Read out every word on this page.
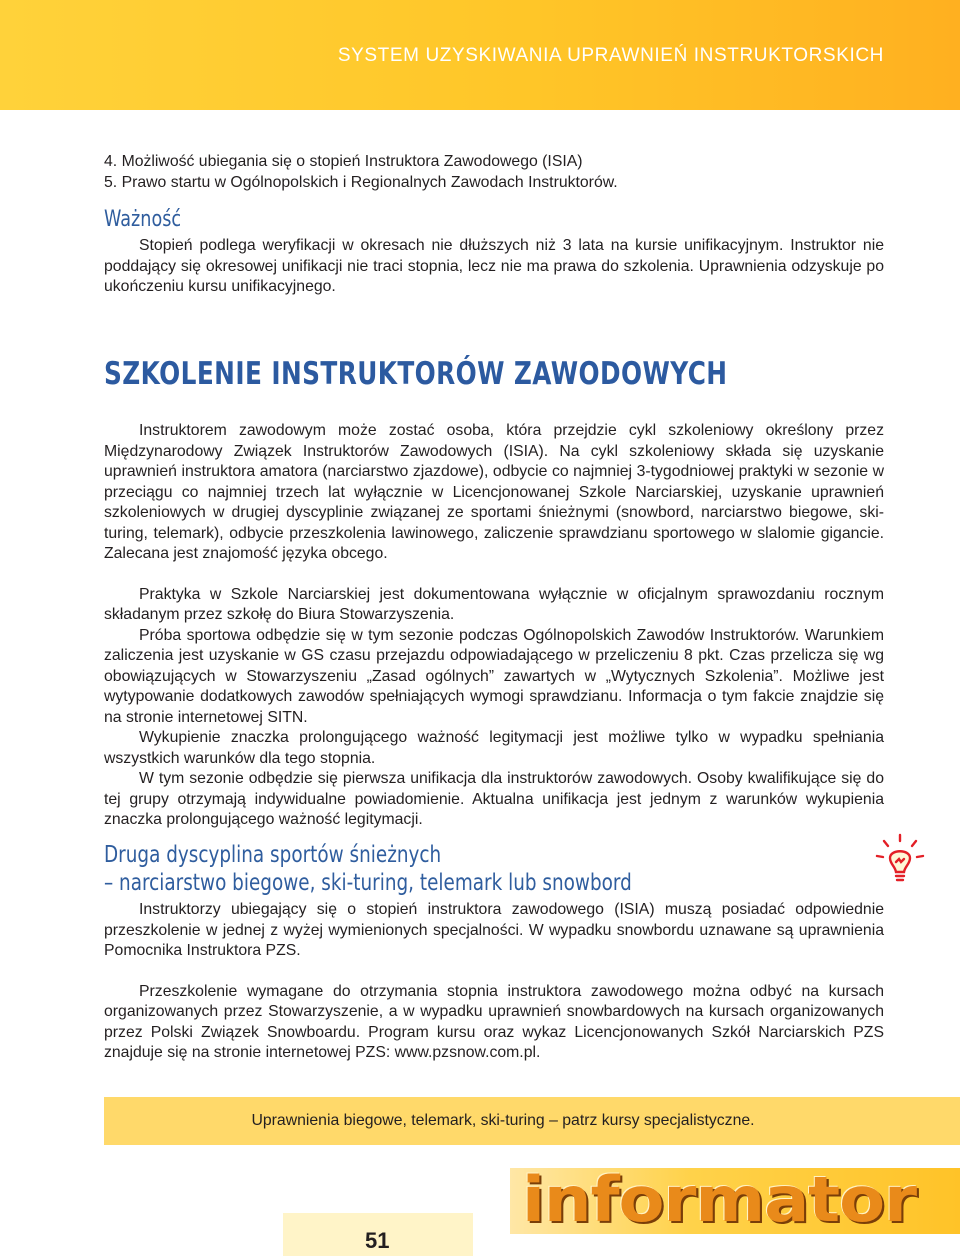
SYSTEM UZYSKIWANIA UPRAWNIEŃ INSTRUKTORSKICH

4. Możliwość ubiegania się o stopień Instruktora Zawodowego (ISIA)

5. Prawo startu w Ogólnopolskich i Regionalnych Zawodach Instruktorów.

Ważność

Stopień podlega weryfikacji w okresach nie dłuższych niż 3 lata na kursie unifikacyjnym. Instruktor nie poddający się okresowej unifikacji nie traci stopnia, lecz nie ma prawa do szkolenia. Uprawnienia odzyskuje po ukończeniu kursu unifikacyjnego.

SZKOLENIE INSTRUKTORÓW ZAWODOWYCH

Instruktorem zawodowym może zostać osoba, która przejdzie cykl szkoleniowy określony przez Międzynarodowy Związek Instruktorów Zawodowych (ISIA). Na cykl szkoleniowy składa się uzyskanie uprawnień instruktora amatora (narciarstwo zjazdowe), odbycie co najmniej 3-tygodniowej praktyki w sezonie w przeciągu co najmniej trzech lat wyłącznie w Licencjonowanej Szkole Narciarskiej, uzyskanie uprawnień szkoleniowych w drugiej dyscyplinie związanej ze sportami śnieżnymi (snowbord, narciarstwo biegowe, ski-turing, telemark), odbycie przeszkolenia lawinowego, zaliczenie sprawdzianu sportowego w slalomie gigancie. Zalecana jest znajomość języka obcego.

Praktyka w Szkole Narciarskiej jest dokumentowana wyłącznie w oficjalnym sprawozdaniu rocznym składanym przez szkołę do Biura Stowarzyszenia.

Próba sportowa odbędzie się w tym sezonie podczas Ogólnopolskich Zawodów Instruktorów. Warunkiem zaliczenia jest uzyskanie w GS czasu przejazdu odpowiadającego w przeliczeniu 8 pkt. Czas przelicza się wg obowiązujących w Stowarzyszeniu „Zasad ogólnych” zawartych w „Wytycznych Szkolenia”. Możliwe jest wytypowanie dodatkowych zawodów spełniających wymogi sprawdzianu. Informacja o tym fakcie znajdzie się na stronie internetowej SITN.

Wykupienie znaczka prolongującego ważność legitymacji jest możliwe tylko w wypadku spełniania wszystkich warunków dla tego stopnia.

W tym sezonie odbędzie się pierwsza unifikacja dla instruktorów zawodowych. Osoby kwalifikujące się do tej grupy otrzymają indywidualne powiadomienie. Aktualna unifikacja jest jednym z warunków wykupienia znaczka prolongującego ważność legitymacji.

Druga dyscyplina sportów śnieżnych
– narciarstwo biegowe, ski-turing, telemark lub snowbord

Instruktorzy ubiegający się o stopień instruktora zawodowego (ISIA) muszą posiadać odpowiednie przeszkolenie w jednej z wyżej wymienionych specjalności. W wypadku snowbordu uznawane są uprawnienia Pomocnika Instruktora PZS.

Przeszkolenie wymagane do otrzymania stopnia instruktora zawodowego można odbyć na kursach organizowanych przez Stowarzyszenie, a w wypadku uprawnień snowbardowych na kursach organizowanych przez Polski Związek Snowboardu. Program kursu oraz wykaz Licencjonowanych Szkół Narciarskich PZS znajduje się na stronie internetowej PZS: www.pzsnow.com.pl.

Uprawnienia biegowe, telemark, ski-turing – patrz kursy specjalistyczne.
informator
51
